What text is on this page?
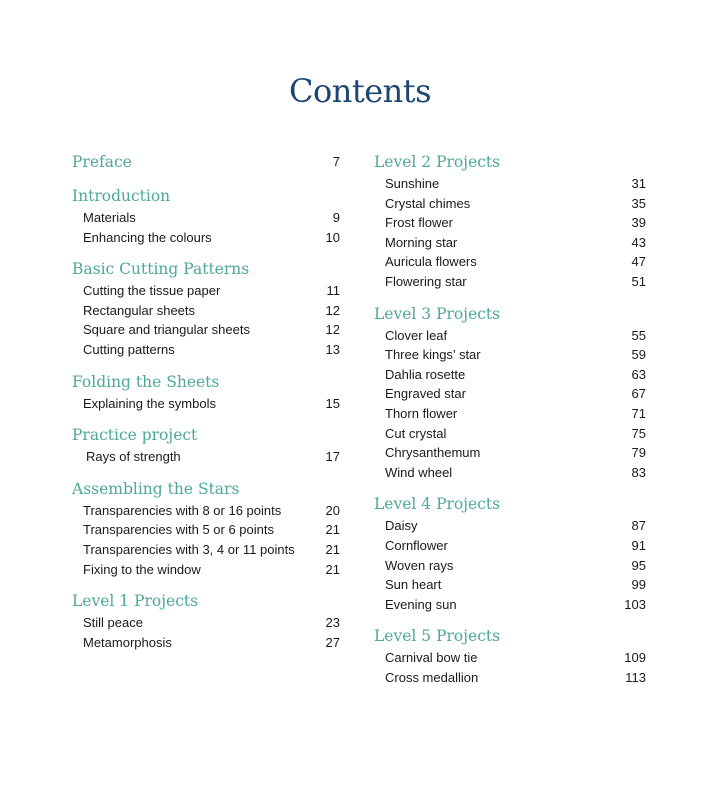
Contents
Preface	7
Introduction
Materials	9
Enhancing the colours	10
Basic Cutting Patterns
Cutting the tissue paper	11
Rectangular sheets	12
Square and triangular sheets	12
Cutting patterns	13
Folding the Sheets
Explaining the symbols	15
Practice project
Rays of strength	17
Assembling the Stars
Transparencies with 8 or 16 points	20
Transparencies with 5 or 6 points	21
Transparencies with 3, 4 or 11 points 21
Fixing to the window	21
Level 1 Projects
Still peace	23
Metamorphosis	27
Level 2 Projects
Sunshine	31
Crystal chimes	35
Frost flower	39
Morning star	43
Auricula flowers	47
Flowering star	51
Level 3 Projects
Clover leaf	55
Three kings’ star	59
Dahlia rosette	63
Engraved star	67
Thorn flower	71
Cut crystal	75
Chrysanthemum	79
Wind wheel	83
Level 4 Projects
Daisy	87
Cornflower	91
Woven rays	95
Sun heart	99
Evening sun	103
Level 5 Projects
Carnival bow tie	109
Cross medallion	113
